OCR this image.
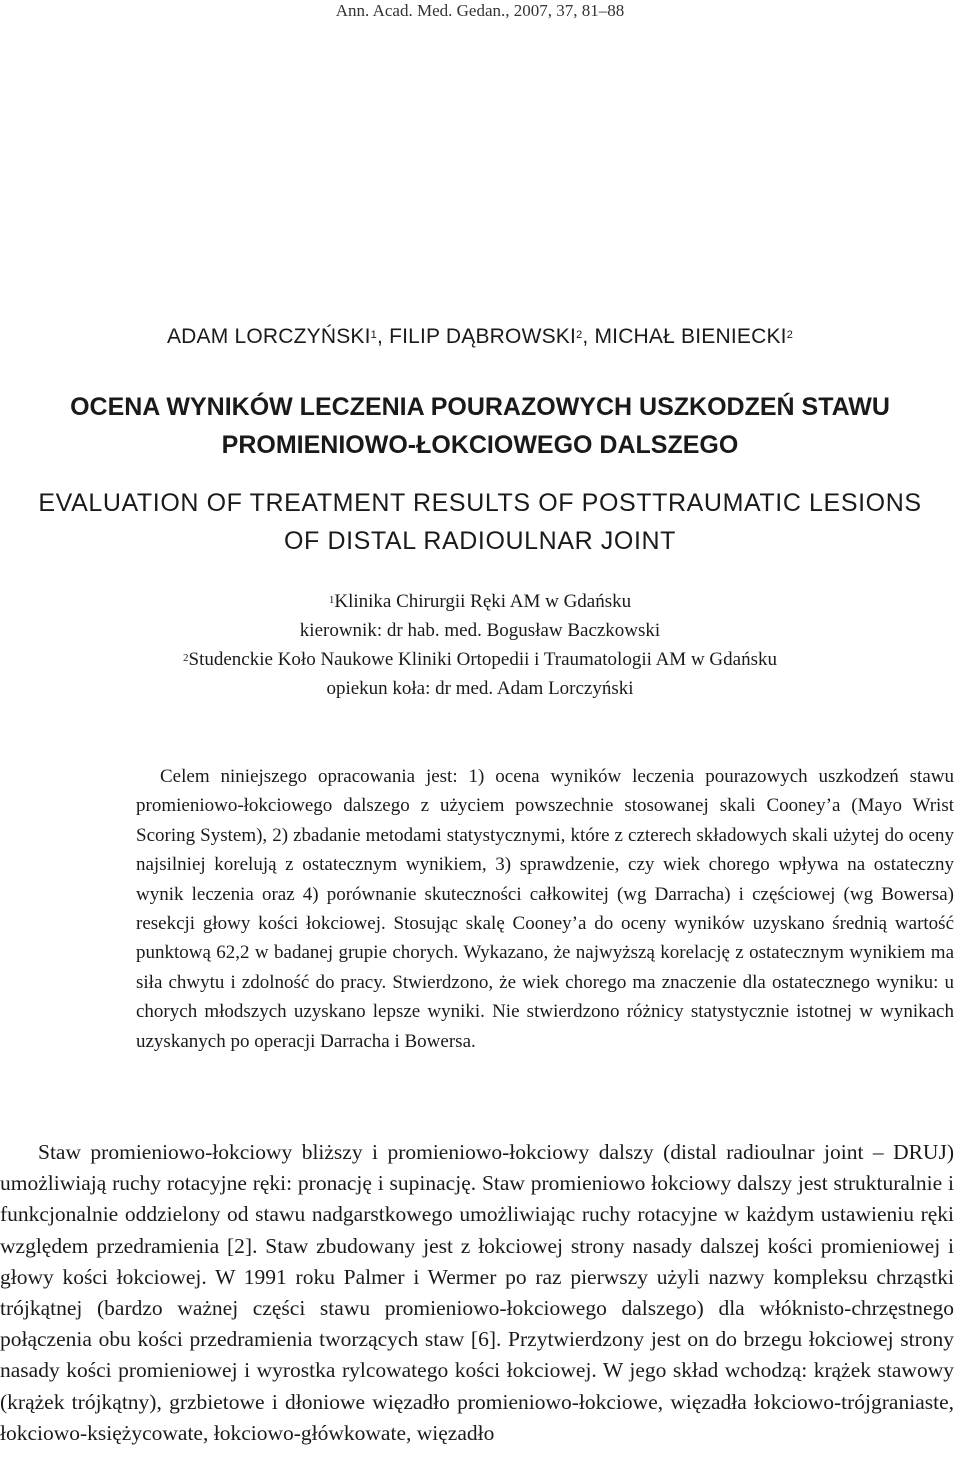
Ann. Acad. Med. Gedan., 2007, 37, 81–88
ADAM LORCZYŃSKI$^1$, FILIP DĄBROWSKI$^2$, MICHAŁ BIENIECKI$^2$
OCENA WYNIKÓW LECZENIA POURAZOWYCH USZKODZEŃ STAWU
PROMIENIOWO-ŁOKCIOWEGO DALSZEGO
EVALUATION OF TREATMENT RESULTS OF POSTTRAUMATIC LESIONS
OF DISTAL RADIOULNAR JOINT
$^1$Klinika Chirurgii Ręki AM w Gdańsku
kierownik: dr hab. med. Bogusław Baczkowski
$^2$Studenckie Koło Naukowe Kliniki Ortopedii i Traumatologii AM w Gdańsku
opiekun koła: dr med. Adam Lorczyński

Celem niniejszego opracowania jest: 1) ocena wyników leczenia pourazowych uszkodzeń stawu promieniowo-łokciowego dalszego z użyciem powszechnie stosowanej skali Cooney’a (Mayo Wrist Scoring System), 2) zbadanie metodami statystycznymi, które z czterech składowych skali użytej do oceny najsilniej korelują z ostatecznym wynikiem, 3) sprawdzenie, czy wiek chorego wpływa na ostateczny wynik leczenia oraz 4) porównanie skuteczności całkowitej (wg Darracha) i częściowej (wg Bowersa) resekcji głowy kości łokciowej. Stosując skalę Cooney’a do oceny wyników uzyskano średnią wartość punktową 62,2 w badanej grupie chorych. Wykazano, że najwyższą korelację z ostatecznym wynikiem ma siła chwytu i zdolność do pracy. Stwierdzono, że wiek chorego ma znaczenie dla ostatecznego wyniku: u chorych młodszych uzyskano lepsze wyniki. Nie stwierdzono różnicy statystycznie istotnej w wynikach uzyskanych po operacji Darracha i Bowersa.

Staw promieniowo-łokciowy bliższy i promieniowo-łokciowy dalszy (distal radioulnar joint – DRUJ) umożliwiają ruchy rotacyjne ręki: pronację i supinację. Staw promieniowo łokciowy dalszy jest strukturalnie i funkcjonalnie oddzielony od stawu nadgarstkowego umożliwiając ruchy rotacyjne w każdym ustawieniu ręki względem przedramienia [2]. Staw zbudowany jest z łokciowej strony nasady dalszej kości promieniowej i głowy kości łokciowej. W 1991 roku Palmer i Wermer po raz pierwszy użyli nazwy kompleksu chrząstki trójkątnej (bardzo ważnej części stawu promieniowo-łokciowego dalszego) dla włóknisto-chrzęstnego połączenia obu kości przedramienia tworzących staw [6]. Przytwierdzony jest on do brzegu łokciowej strony nasady kości promieniowej i wyrostka rylcowatego kości łokciowej. W jego skład wchodzą: krążek stawowy (krążek trójkątny), grzbietowe i dłoniowe więzadło promieniowo-łokciowe, więzadła łokciowo-trójgraniaste, łokciowo-księżycowate, łokciowo-główkowate, więzadło
